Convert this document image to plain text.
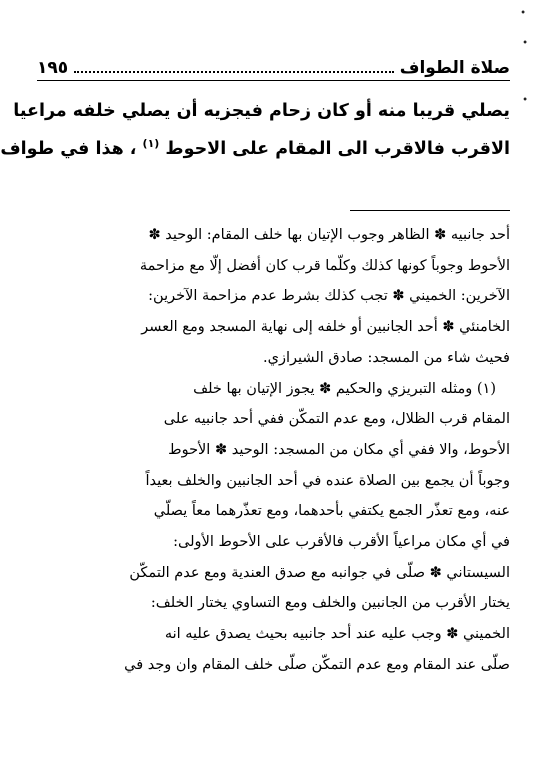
•
•
•
صلاة الطواف
١٩٥
يصلي قريبا منه أو كان زحام فيجزيه أن يصلي خلفه مراعيا
الاقرب فالاقرب الى المقام على الاحوط $^{(١)}$ ، هذا في طواف
أحد جانبيه ✽ الظاهر وجوب الإتيان بها خلف المقام: الوحيد ✽
الأحوط وجوباً كونها كذلك وكلّما قرب كان أفضل إلّا مع مزاحمة
الآخرين: الخميني ✽ تجب كذلك بشرط عدم مزاحمة الآخرين:
الخامنئي ✽ أحد الجانبين أو خلفه إلى نهاية المسجد ومع العسر
فحيث شاء من المسجد: صادق الشيرازي.
(١) ومثله التبريزي والحكيم ✽ يجوز الإتيان بها خلف
المقام قرب الظلال، ومع عدم التمكّن ففي أحد جانبيه على
الأحوط، والا ففي أي مكان من المسجد: الوحيد ✽ الأحوط
وجوباً أن يجمع بين الصلاة عنده في أحد الجانبين والخلف بعيداً
عنه، ومع تعذّر الجمع يكتفي بأحدهما، ومع تعذّرهما معاً يصلّي
في أي مكان مراعياً الأقرب فالأقرب على الأحوط الأولى:
السيستاني ✽ صلّى في جوانبه مع صدق العندية ومع عدم التمكّن
يختار الأقرب من الجانبين والخلف ومع التساوي يختار الخلف:
الخميني ✽ وجب عليه عند أحد جانبيه بحيث يصدق عليه انه
صلّى عند المقام ومع عدم التمكّن صلّى خلف المقام وان وجد في
